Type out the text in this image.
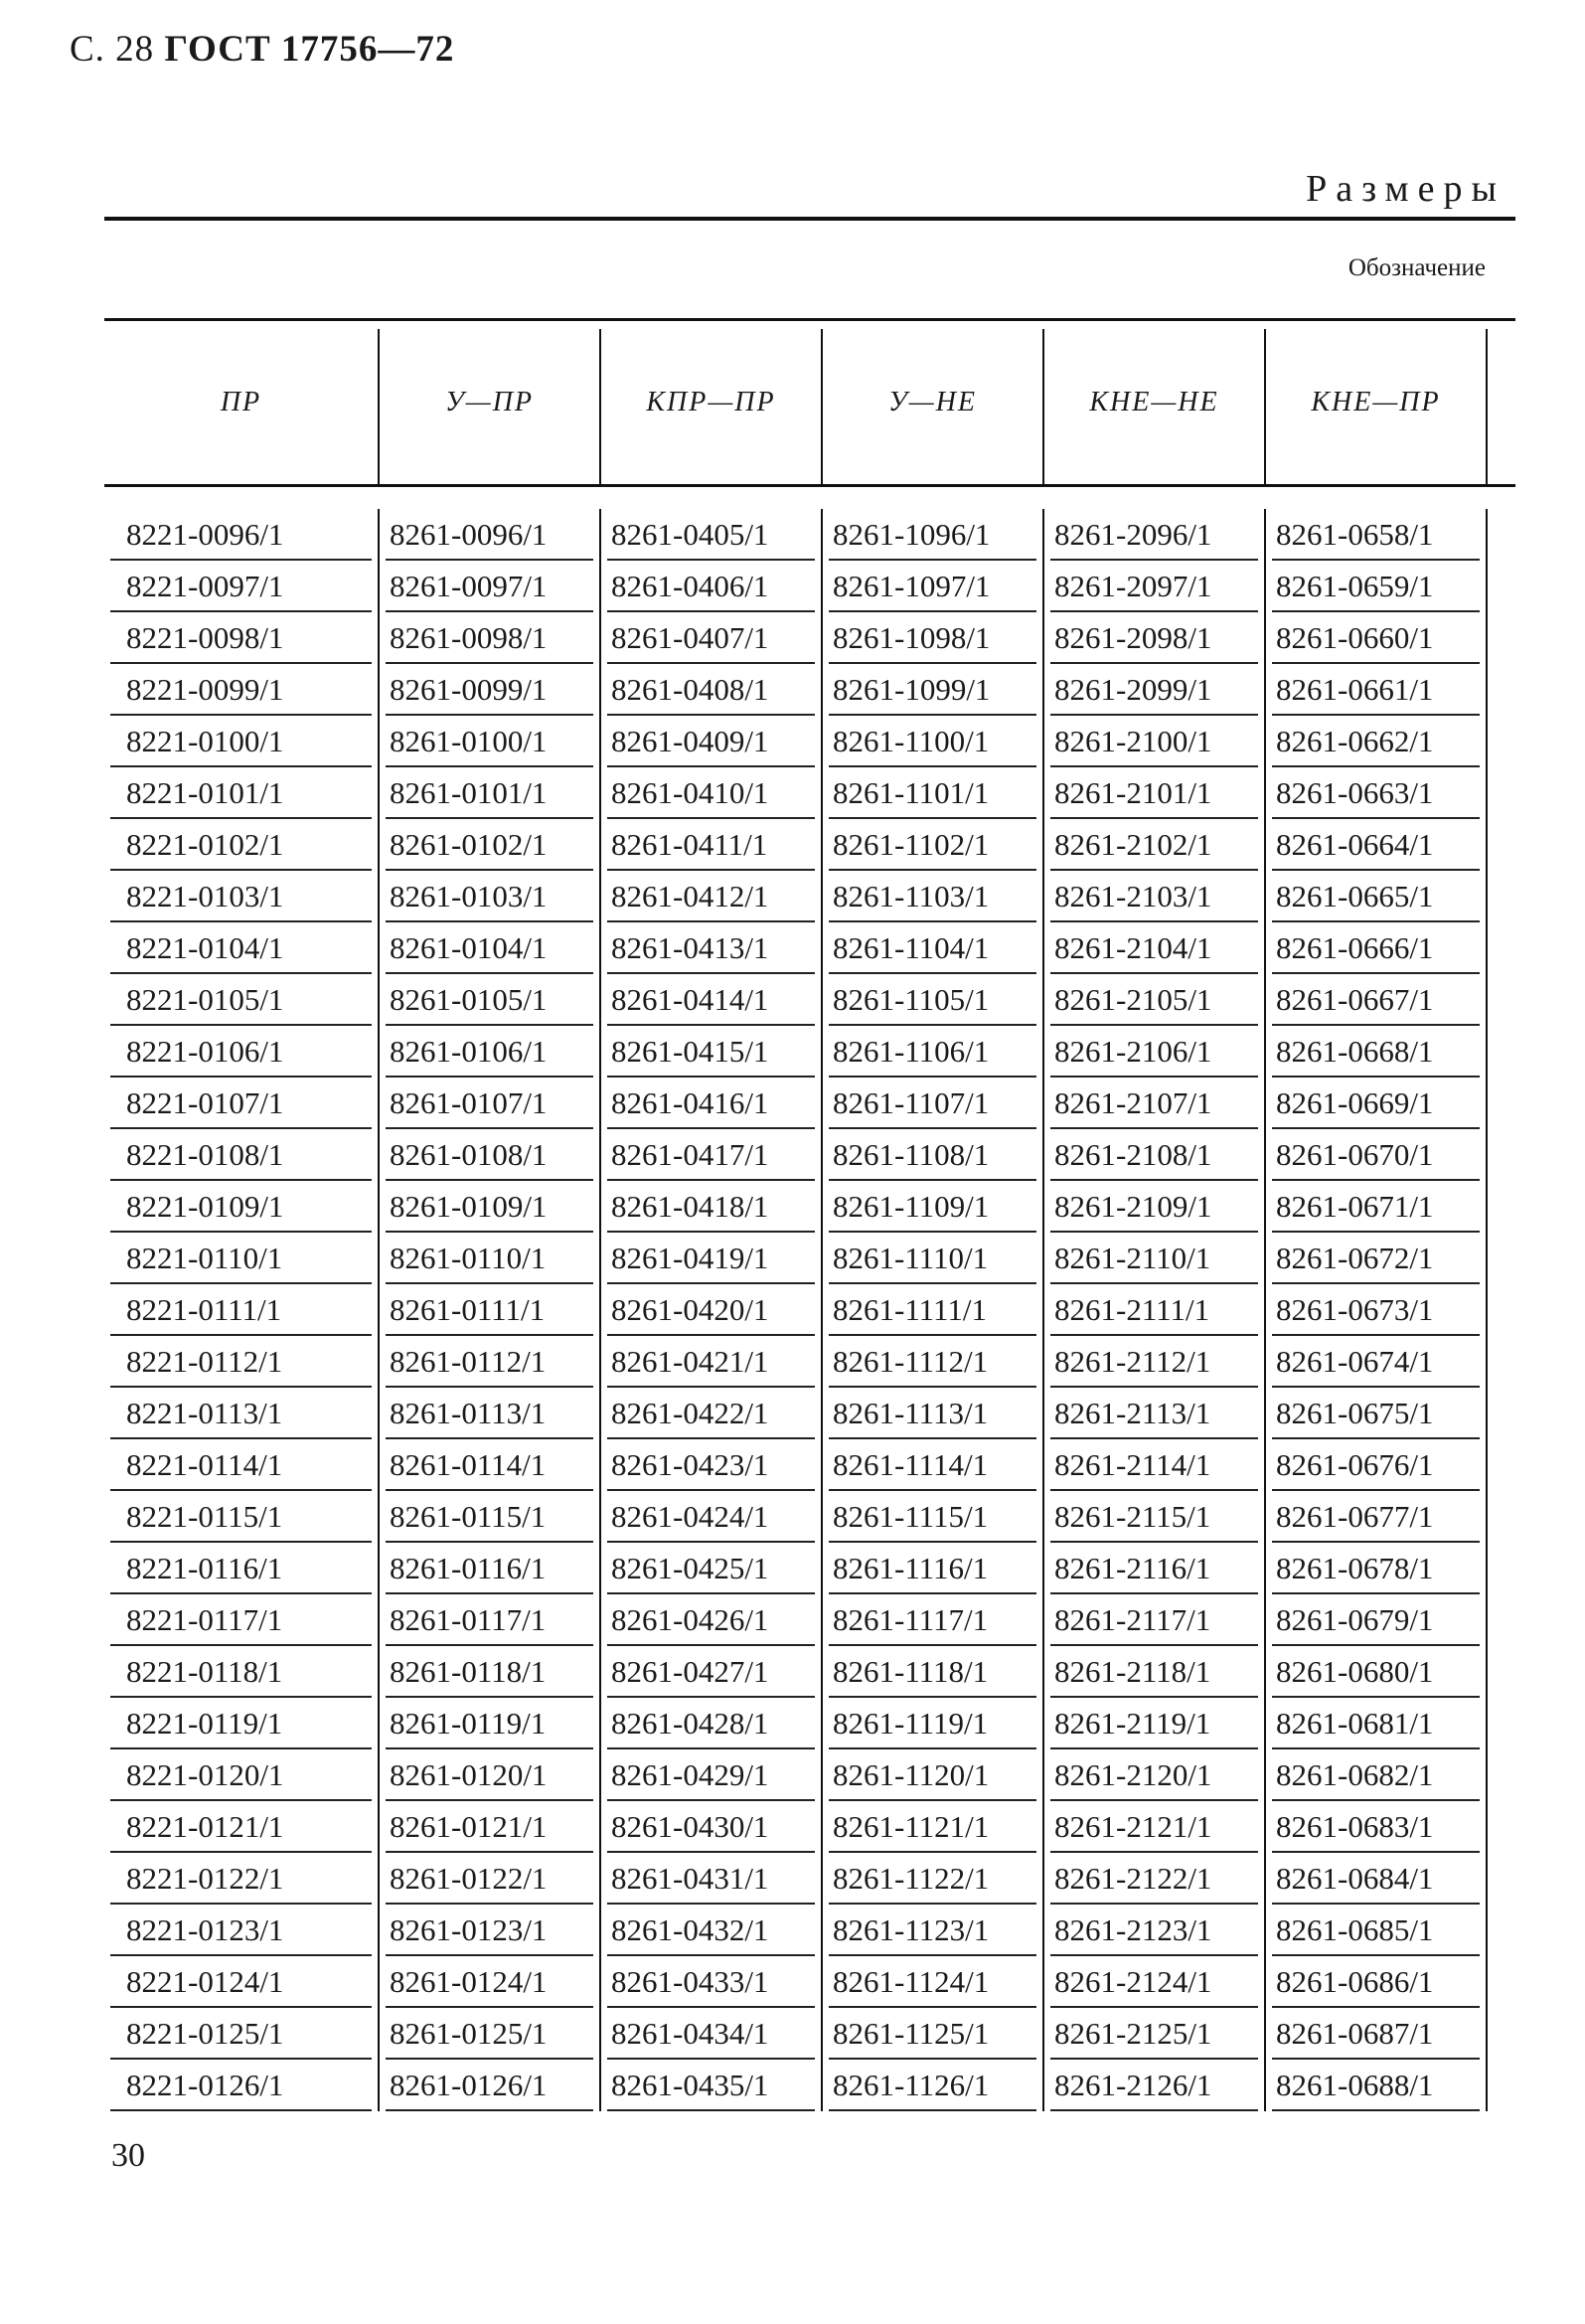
С. 28 ГОСТ 17756—72
Размеры
Обозначение
ПР	У—ПР	КПР—ПР	У—НЕ	КНЕ—НЕ	КНЕ—ПР
8221-0096/1	8261-0096/1	8261-0405/1	8261-1096/1	8261-2096/1	8261-0658/1
8221-0097/1	8261-0097/1	8261-0406/1	8261-1097/1	8261-2097/1	8261-0659/1
8221-0098/1	8261-0098/1	8261-0407/1	8261-1098/1	8261-2098/1	8261-0660/1
8221-0099/1	8261-0099/1	8261-0408/1	8261-1099/1	8261-2099/1	8261-0661/1
8221-0100/1	8261-0100/1	8261-0409/1	8261-1100/1	8261-2100/1	8261-0662/1
8221-0101/1	8261-0101/1	8261-0410/1	8261-1101/1	8261-2101/1	8261-0663/1
8221-0102/1	8261-0102/1	8261-0411/1	8261-1102/1	8261-2102/1	8261-0664/1
8221-0103/1	8261-0103/1	8261-0412/1	8261-1103/1	8261-2103/1	8261-0665/1
8221-0104/1	8261-0104/1	8261-0413/1	8261-1104/1	8261-2104/1	8261-0666/1
8221-0105/1	8261-0105/1	8261-0414/1	8261-1105/1	8261-2105/1	8261-0667/1
8221-0106/1	8261-0106/1	8261-0415/1	8261-1106/1	8261-2106/1	8261-0668/1
8221-0107/1	8261-0107/1	8261-0416/1	8261-1107/1	8261-2107/1	8261-0669/1
8221-0108/1	8261-0108/1	8261-0417/1	8261-1108/1	8261-2108/1	8261-0670/1
8221-0109/1	8261-0109/1	8261-0418/1	8261-1109/1	8261-2109/1	8261-0671/1
8221-0110/1	8261-0110/1	8261-0419/1	8261-1110/1	8261-2110/1	8261-0672/1
8221-0111/1	8261-0111/1	8261-0420/1	8261-1111/1	8261-2111/1	8261-0673/1
8221-0112/1	8261-0112/1	8261-0421/1	8261-1112/1	8261-2112/1	8261-0674/1
8221-0113/1	8261-0113/1	8261-0422/1	8261-1113/1	8261-2113/1	8261-0675/1
8221-0114/1	8261-0114/1	8261-0423/1	8261-1114/1	8261-2114/1	8261-0676/1
8221-0115/1	8261-0115/1	8261-0424/1	8261-1115/1	8261-2115/1	8261-0677/1
8221-0116/1	8261-0116/1	8261-0425/1	8261-1116/1	8261-2116/1	8261-0678/1
8221-0117/1	8261-0117/1	8261-0426/1	8261-1117/1	8261-2117/1	8261-0679/1
8221-0118/1	8261-0118/1	8261-0427/1	8261-1118/1	8261-2118/1	8261-0680/1
8221-0119/1	8261-0119/1	8261-0428/1	8261-1119/1	8261-2119/1	8261-0681/1
8221-0120/1	8261-0120/1	8261-0429/1	8261-1120/1	8261-2120/1	8261-0682/1
8221-0121/1	8261-0121/1	8261-0430/1	8261-1121/1	8261-2121/1	8261-0683/1
8221-0122/1	8261-0122/1	8261-0431/1	8261-1122/1	8261-2122/1	8261-0684/1
8221-0123/1	8261-0123/1	8261-0432/1	8261-1123/1	8261-2123/1	8261-0685/1
8221-0124/1	8261-0124/1	8261-0433/1	8261-1124/1	8261-2124/1	8261-0686/1
8221-0125/1	8261-0125/1	8261-0434/1	8261-1125/1	8261-2125/1	8261-0687/1
8221-0126/1	8261-0126/1	8261-0435/1	8261-1126/1	8261-2126/1	8261-0688/1
30
